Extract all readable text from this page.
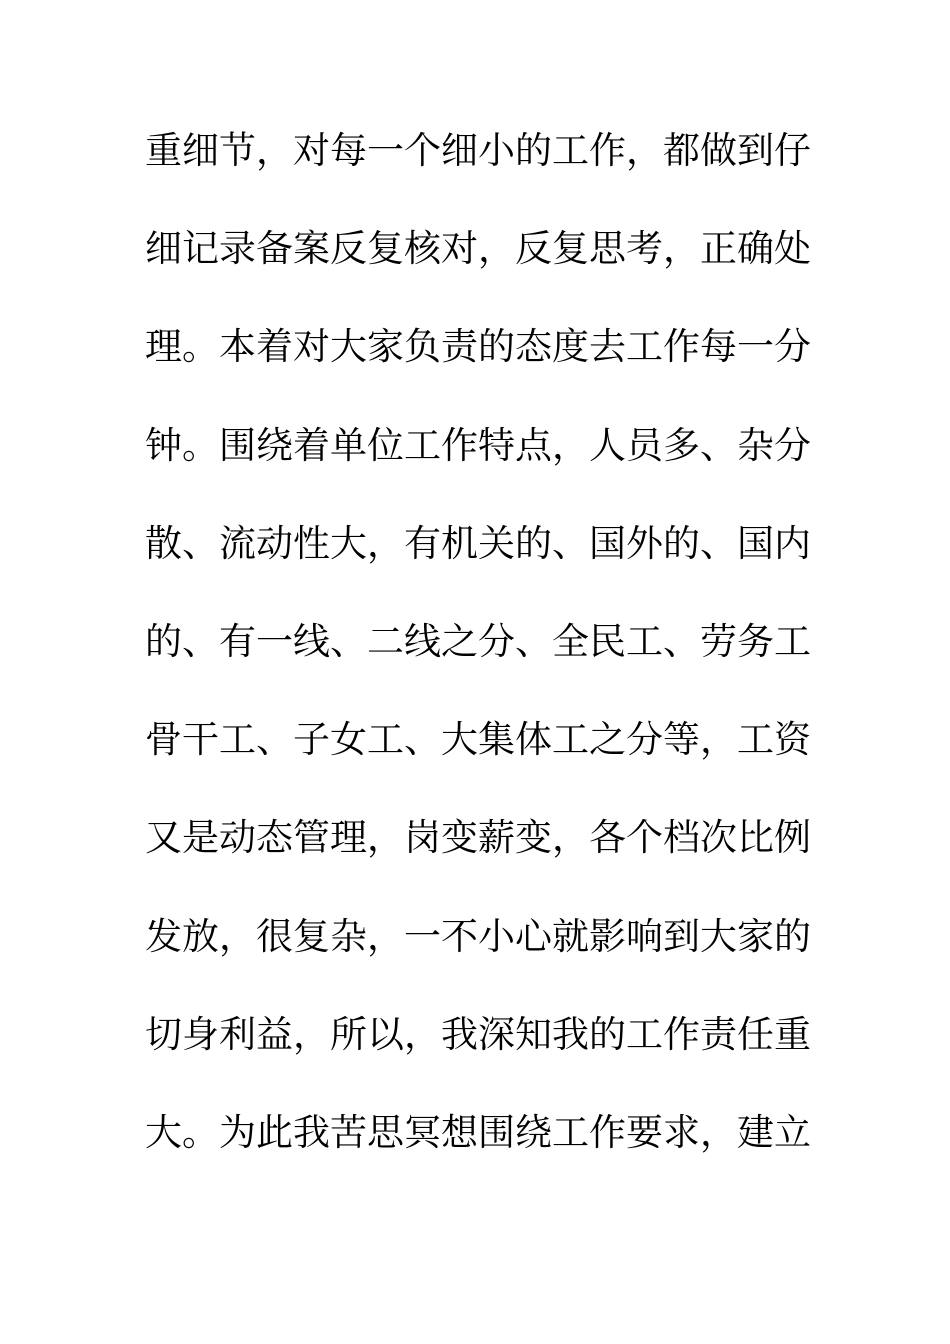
重细节，对每一个细小的工作，都做到仔
细记录备案反复核对，反复思考，正确处
理。本着对大家负责的态度去工作每一分
钟。围绕着单位工作特点，人员多、杂分
散、流动性大，有机关的、国外的、国内
的、有一线、二线之分、全民工、劳务工
骨干工、子女工、大集体工之分等，工资
又是动态管理，岗变薪变，各个档次比例
发放，很复杂，一不小心就影响到大家的
切身利益，所以，我深知我的工作责任重
大。为此我苦思冥想围绕工作要求，建立
